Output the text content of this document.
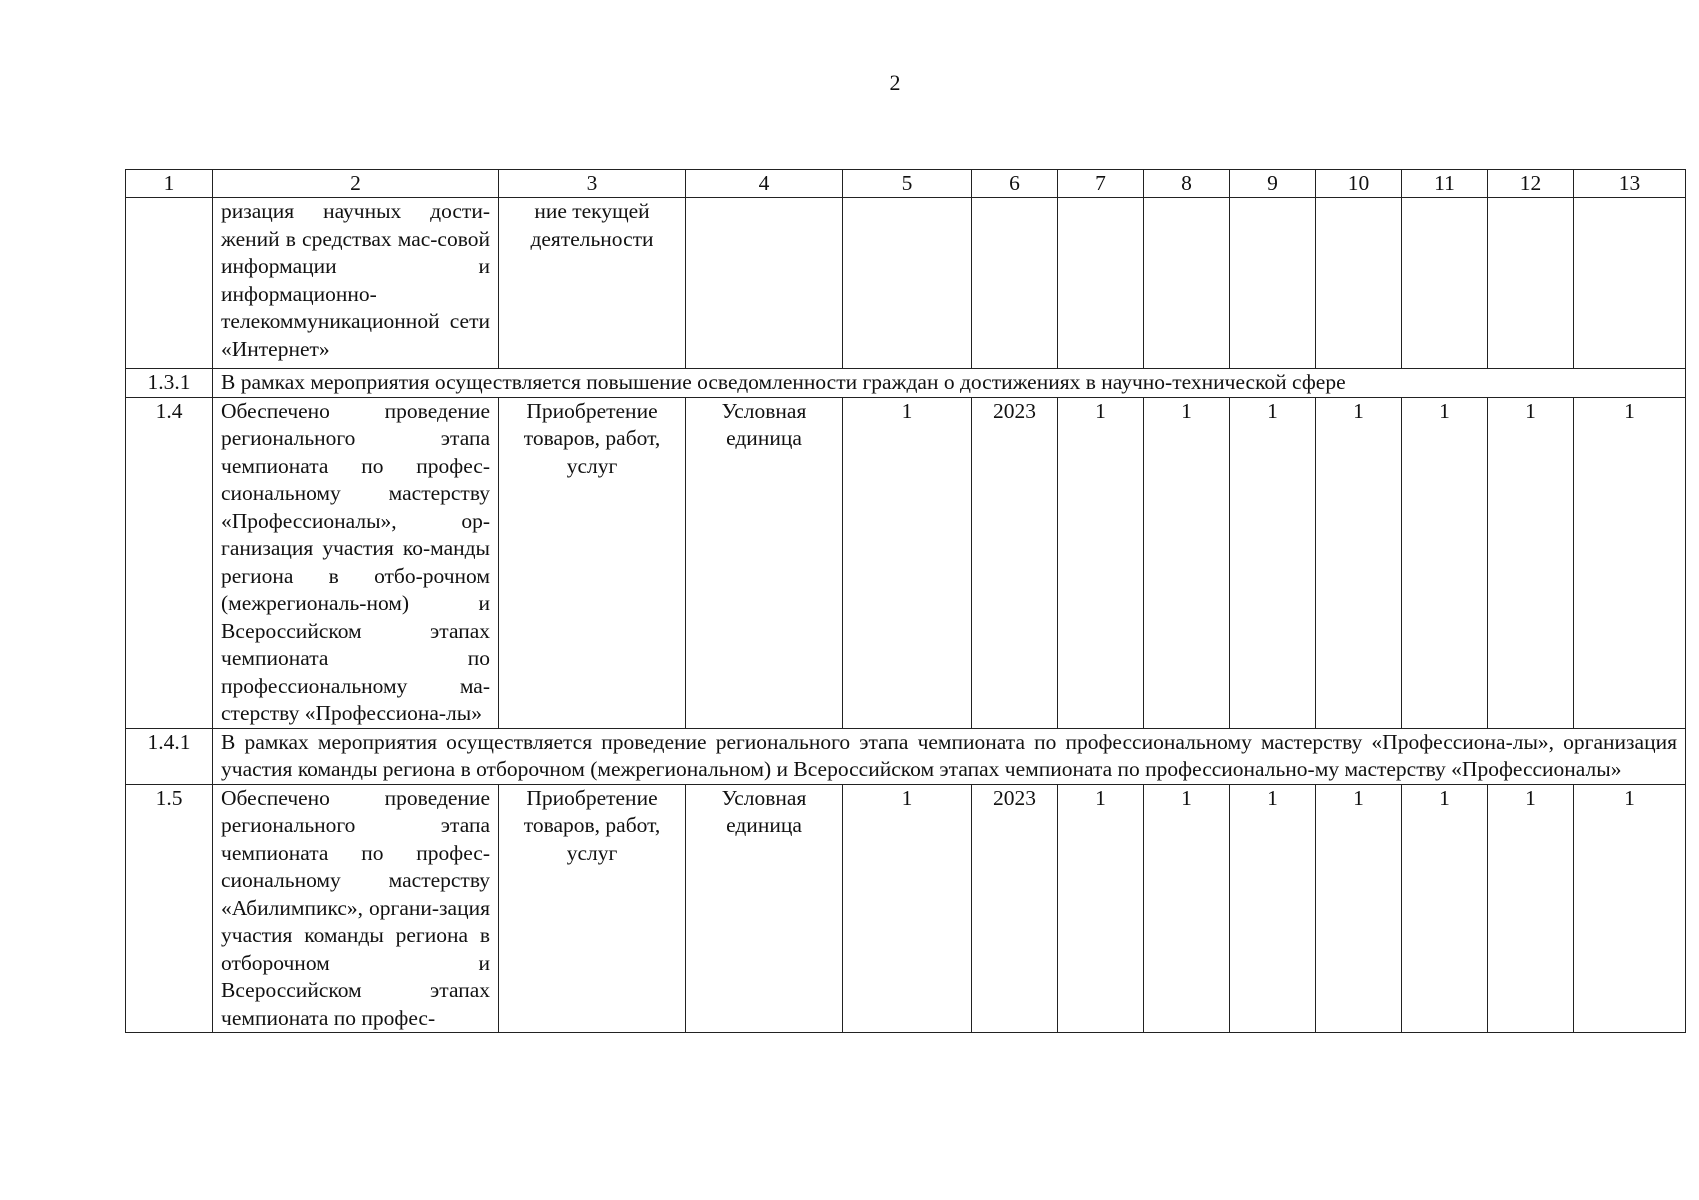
2
1	2	3	4	5	6	7	8	9	10	11	12	13
	ризация научных дости-жений в средствах мас-совой информации и информационно-телекоммуникационной сети «Интернет»	ние текущей деятельности										
1.3.1	В рамках мероприятия осуществляется повышение осведомленности граждан о достижениях в научно-технической сфере											
1.4	Обеспечено проведение регионального этапа чемпионата по профес-сиональному мастерству «Профессионалы», ор-ганизация участия ко-манды региона в отбо-рочном (межрегиональ-ном) и Всероссийском этапах чемпионата по профессиональному ма-стерству «Профессиона-лы»	Приобретение товаров, работ, услуг	Условная единица	1	2023	1	1	1	1	1	1	1
1.4.1	В рамках мероприятия осуществляется проведение регионального этапа чемпионата по профессиональному мастерству «Профессиона-лы», организация участия команды региона в отборочном (межрегиональном) и Всероссийском этапах чемпионата по профессионально-му мастерству «Профессионалы»											
1.5	Обеспечено проведение регионального этапа чемпионата по профес-сиональному мастерству «Абилимпикс», органи-зация участия команды региона в отборочном и Всероссийском этапах чемпионата по профес-	Приобретение товаров, работ, услуг	Условная единица	1	2023	1	1	1	1	1	1	1
